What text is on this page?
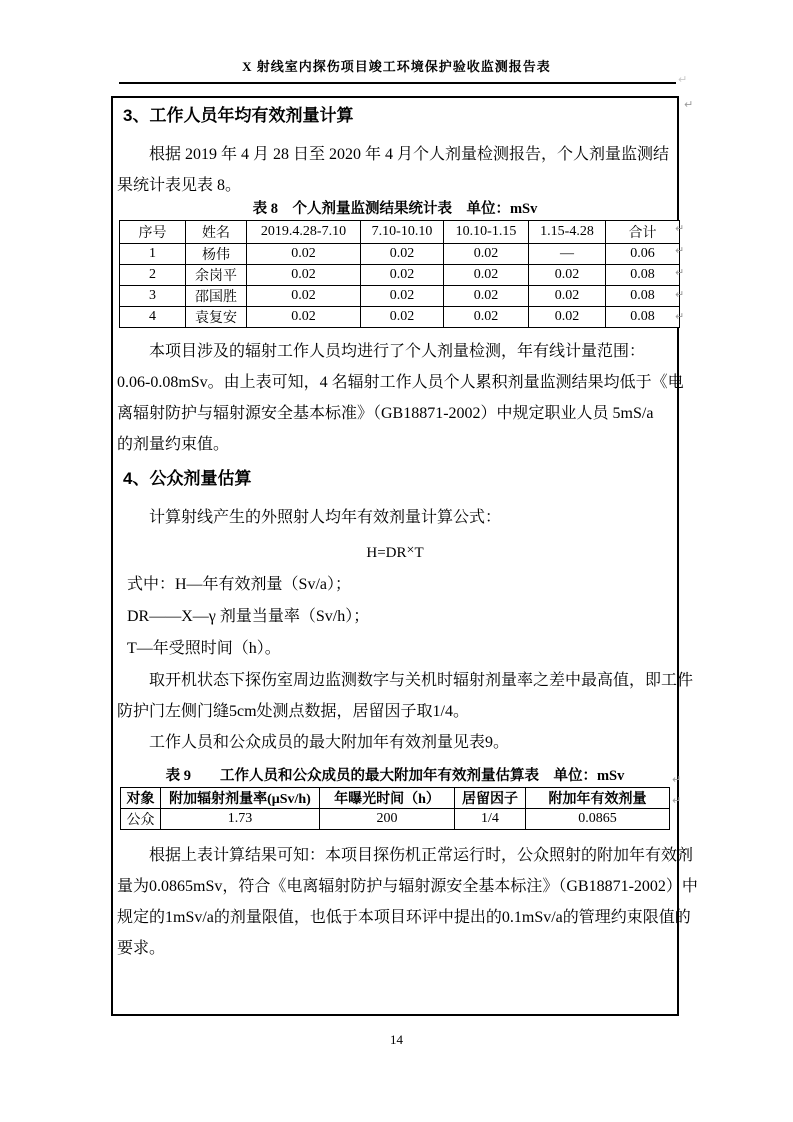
X 射线室内探伤项目竣工环境保护验收监测报告表
↵
3、工作人员年均有效剂量计算
根据 2019 年 4 月 28 日至 2020 年 4 月个人剂量检测报告，个人剂量监测结
果统计表见表 8。
表 8　个人剂量监测结果统计表　单位：mSv
序号	姓名	2019.4.28-7.10	7.10-10.10	10.10-1.15	1.15-4.28	合计
1	杨伟	0.02	0.02	0.02	—	0.06
2	余岗平	0.02	0.02	0.02	0.02	0.08
3	邵国胜	0.02	0.02	0.02	0.02	0.08
4	袁复安	0.02	0.02	0.02	0.02	0.08
本项目涉及的辐射工作人员均进行了个人剂量检测，年有线计量范围：
0.06-0.08mSv。由上表可知，4 名辐射工作人员个人累积剂量监测结果均低于《电
离辐射防护与辐射源安全基本标准》（GB18871-2002）中规定职业人员 5mS/a
的剂量约束值。
4、公众剂量估算
计算射线产生的外照射人均年有效剂量计算公式：
H=DR×T
式中：H—年有效剂量（Sv/a）；
DR——X—γ 剂量当量率（Sv/h）；
T—年受照时间（h）。
取开机状态下探伤室周边监测数字与关机时辐射剂量率之差中最高值，即工件
防护门左侧门缝5cm处测点数据，居留因子取1/4。
工作人员和公众成员的最大附加年有效剂量见表9。
表 9　　工作人员和公众成员的最大附加年有效剂量估算表　单位：mSv
对象	附加辐射剂量率(μSv/h)	年曝光时间（h）	居留因子	附加年有效剂量
公众	1.73	200	1/4	0.0865
根据上表计算结果可知：本项目探伤机正常运行时，公众照射的附加年有效剂
量为0.0865mSv，符合《电离辐射防护与辐射源安全基本标注》（GB18871-2002）中
规定的1mSv/a的剂量限值，也低于本项目环评中提出的0.1mSv/a的管理约束限值的
要求。
↵
↵
↵
↵
↵
↵
↵
↵
14
